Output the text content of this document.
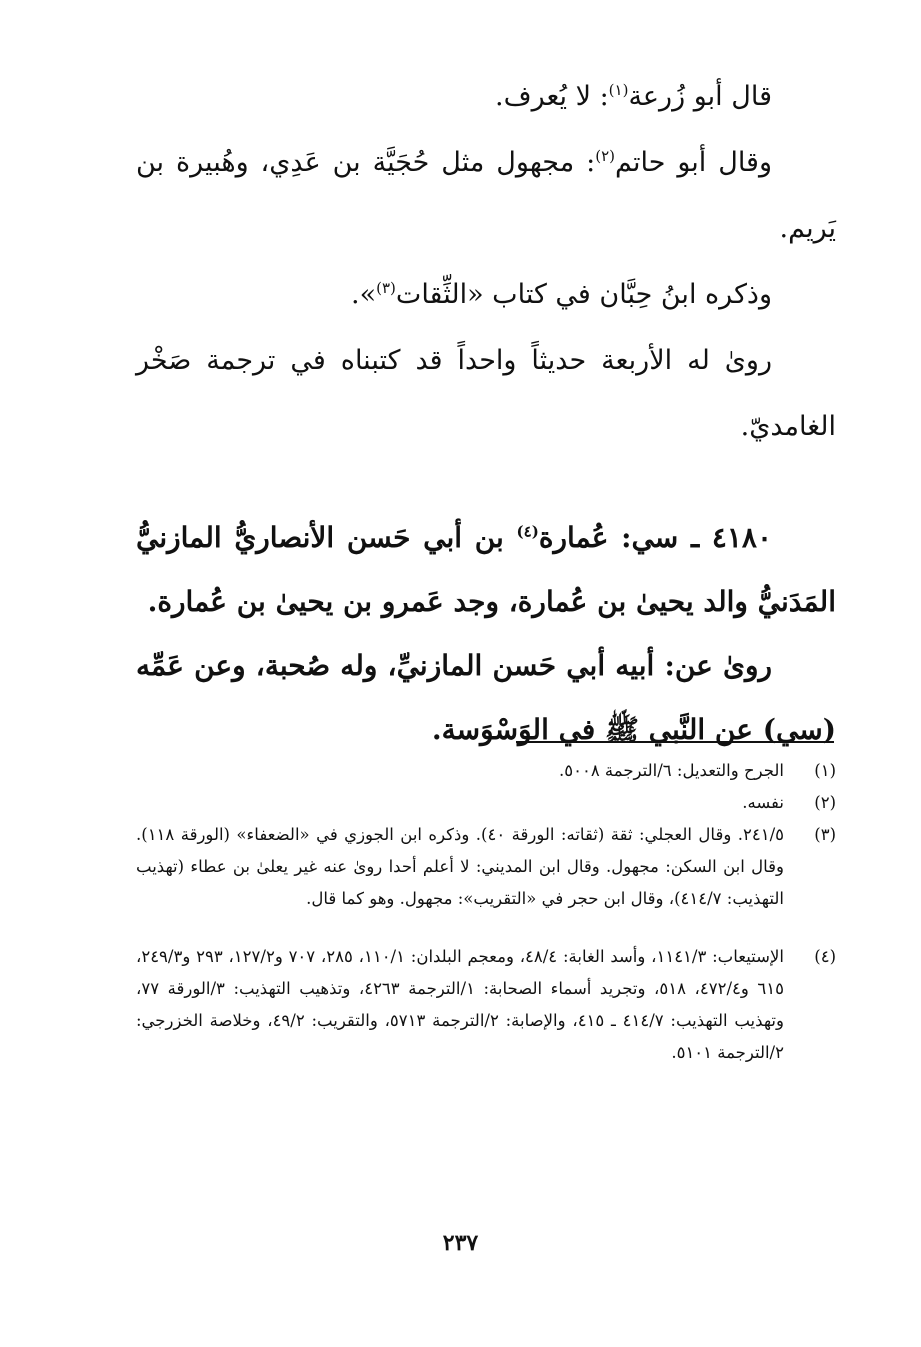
قال أبو زُرعة$^{(١)}$: لا يُعرف.

وقال أبو حاتم$^{(٢)}$: مجهول مثل حُجَيَّة بن عَدِي، وهُبيرة بن يَريم.

وذكره ابنُ حِبَّان في كتاب «الثِّقات$^{(٣)}$».

روىٰ له الأربعة حديثاً واحداً قد كتبناه في ترجمة صَخْر الغامديّ.

٤١٨٠ ـ سي: عُمارة$^{(٤)}$ بن أبي حَسن الأنصاريُّ المازنيُّ المَدَنيُّ والد يحيىٰ بن عُمارة، وجد عَمرو بن يحيىٰ بن عُمارة.

روىٰ عن: أبيه أبي حَسن المازنيِّ، وله صُحبة، وعن عَمِّه (سي) عن النَّبي ﷺ في الوَسْوَسة.

(١)
الجرح والتعديل: ٦/الترجمة ٥٠٠٨.
(٢)
نفسه.
(٣)
٢٤١/٥. وقال العجلي: ثقة (ثقاته: الورقة ٤٠). وذكره ابن الجوزي في «الضعفاء» (الورقة ١١٨). وقال ابن السكن: مجهول. وقال ابن المديني: لا أعلم أحدا روىٰ عنه غير يعلىٰ بن عطاء (تهذيب التهذيب: ٤١٤/٧)، وقال ابن حجر في «التقريب»: مجهول. وهو كما قال.
(٤)
الإستيعاب: ١١٤١/٣، وأسد الغابة: ٤٨/٤، ومعجم البلدان: ١١٠/١، ٢٨٥، ٧٠٧ و١٢٧/٢، ٢٩٣ و٢٤٩/٣، ٦١٥ و٤٧٢/٤، ٥١٨، وتجريد أسماء الصحابة: ١/الترجمة ٤٢٦٣، وتذهيب التهذيب: ٣/الورقة ٧٧، وتهذيب التهذيب: ٤١٤/٧ ـ ٤١٥، والإصابة: ٢/الترجمة ٥٧١٣، والتقريب: ٤٩/٢، وخلاصة الخزرجي: ٢/الترجمة ٥١٠١.
٢٣٧
